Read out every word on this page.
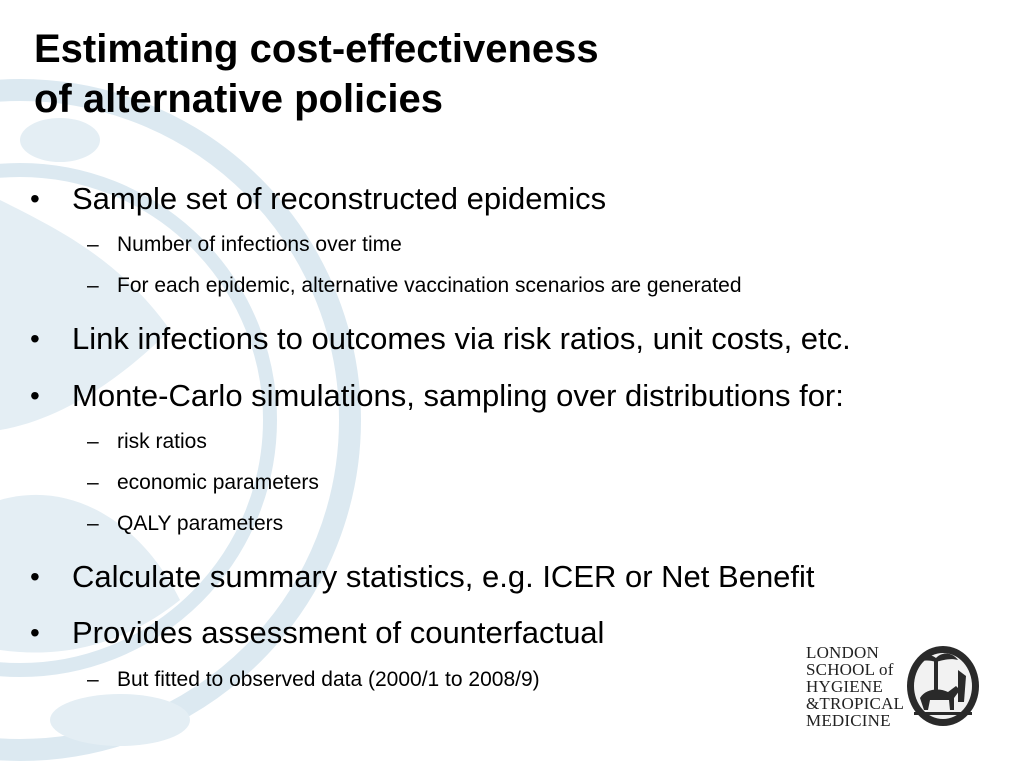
Estimating cost-effectiveness
of alternative policies
• Sample set of reconstructed epidemics
– Number of infections over time
– For each epidemic, alternative vaccination scenarios are generated
• Link infections to outcomes via risk ratios, unit costs, etc.
• Monte-Carlo simulations, sampling over distributions for:
– risk ratios
– economic parameters
– QALY parameters
• Calculate summary statistics, e.g. ICER or Net Benefit
• Provides assessment of counterfactual
– But fitted to observed data (2000/1 to 2008/9)
LONDON
SCHOOL of
HYGIENE
&TROPICAL
MEDICINE
